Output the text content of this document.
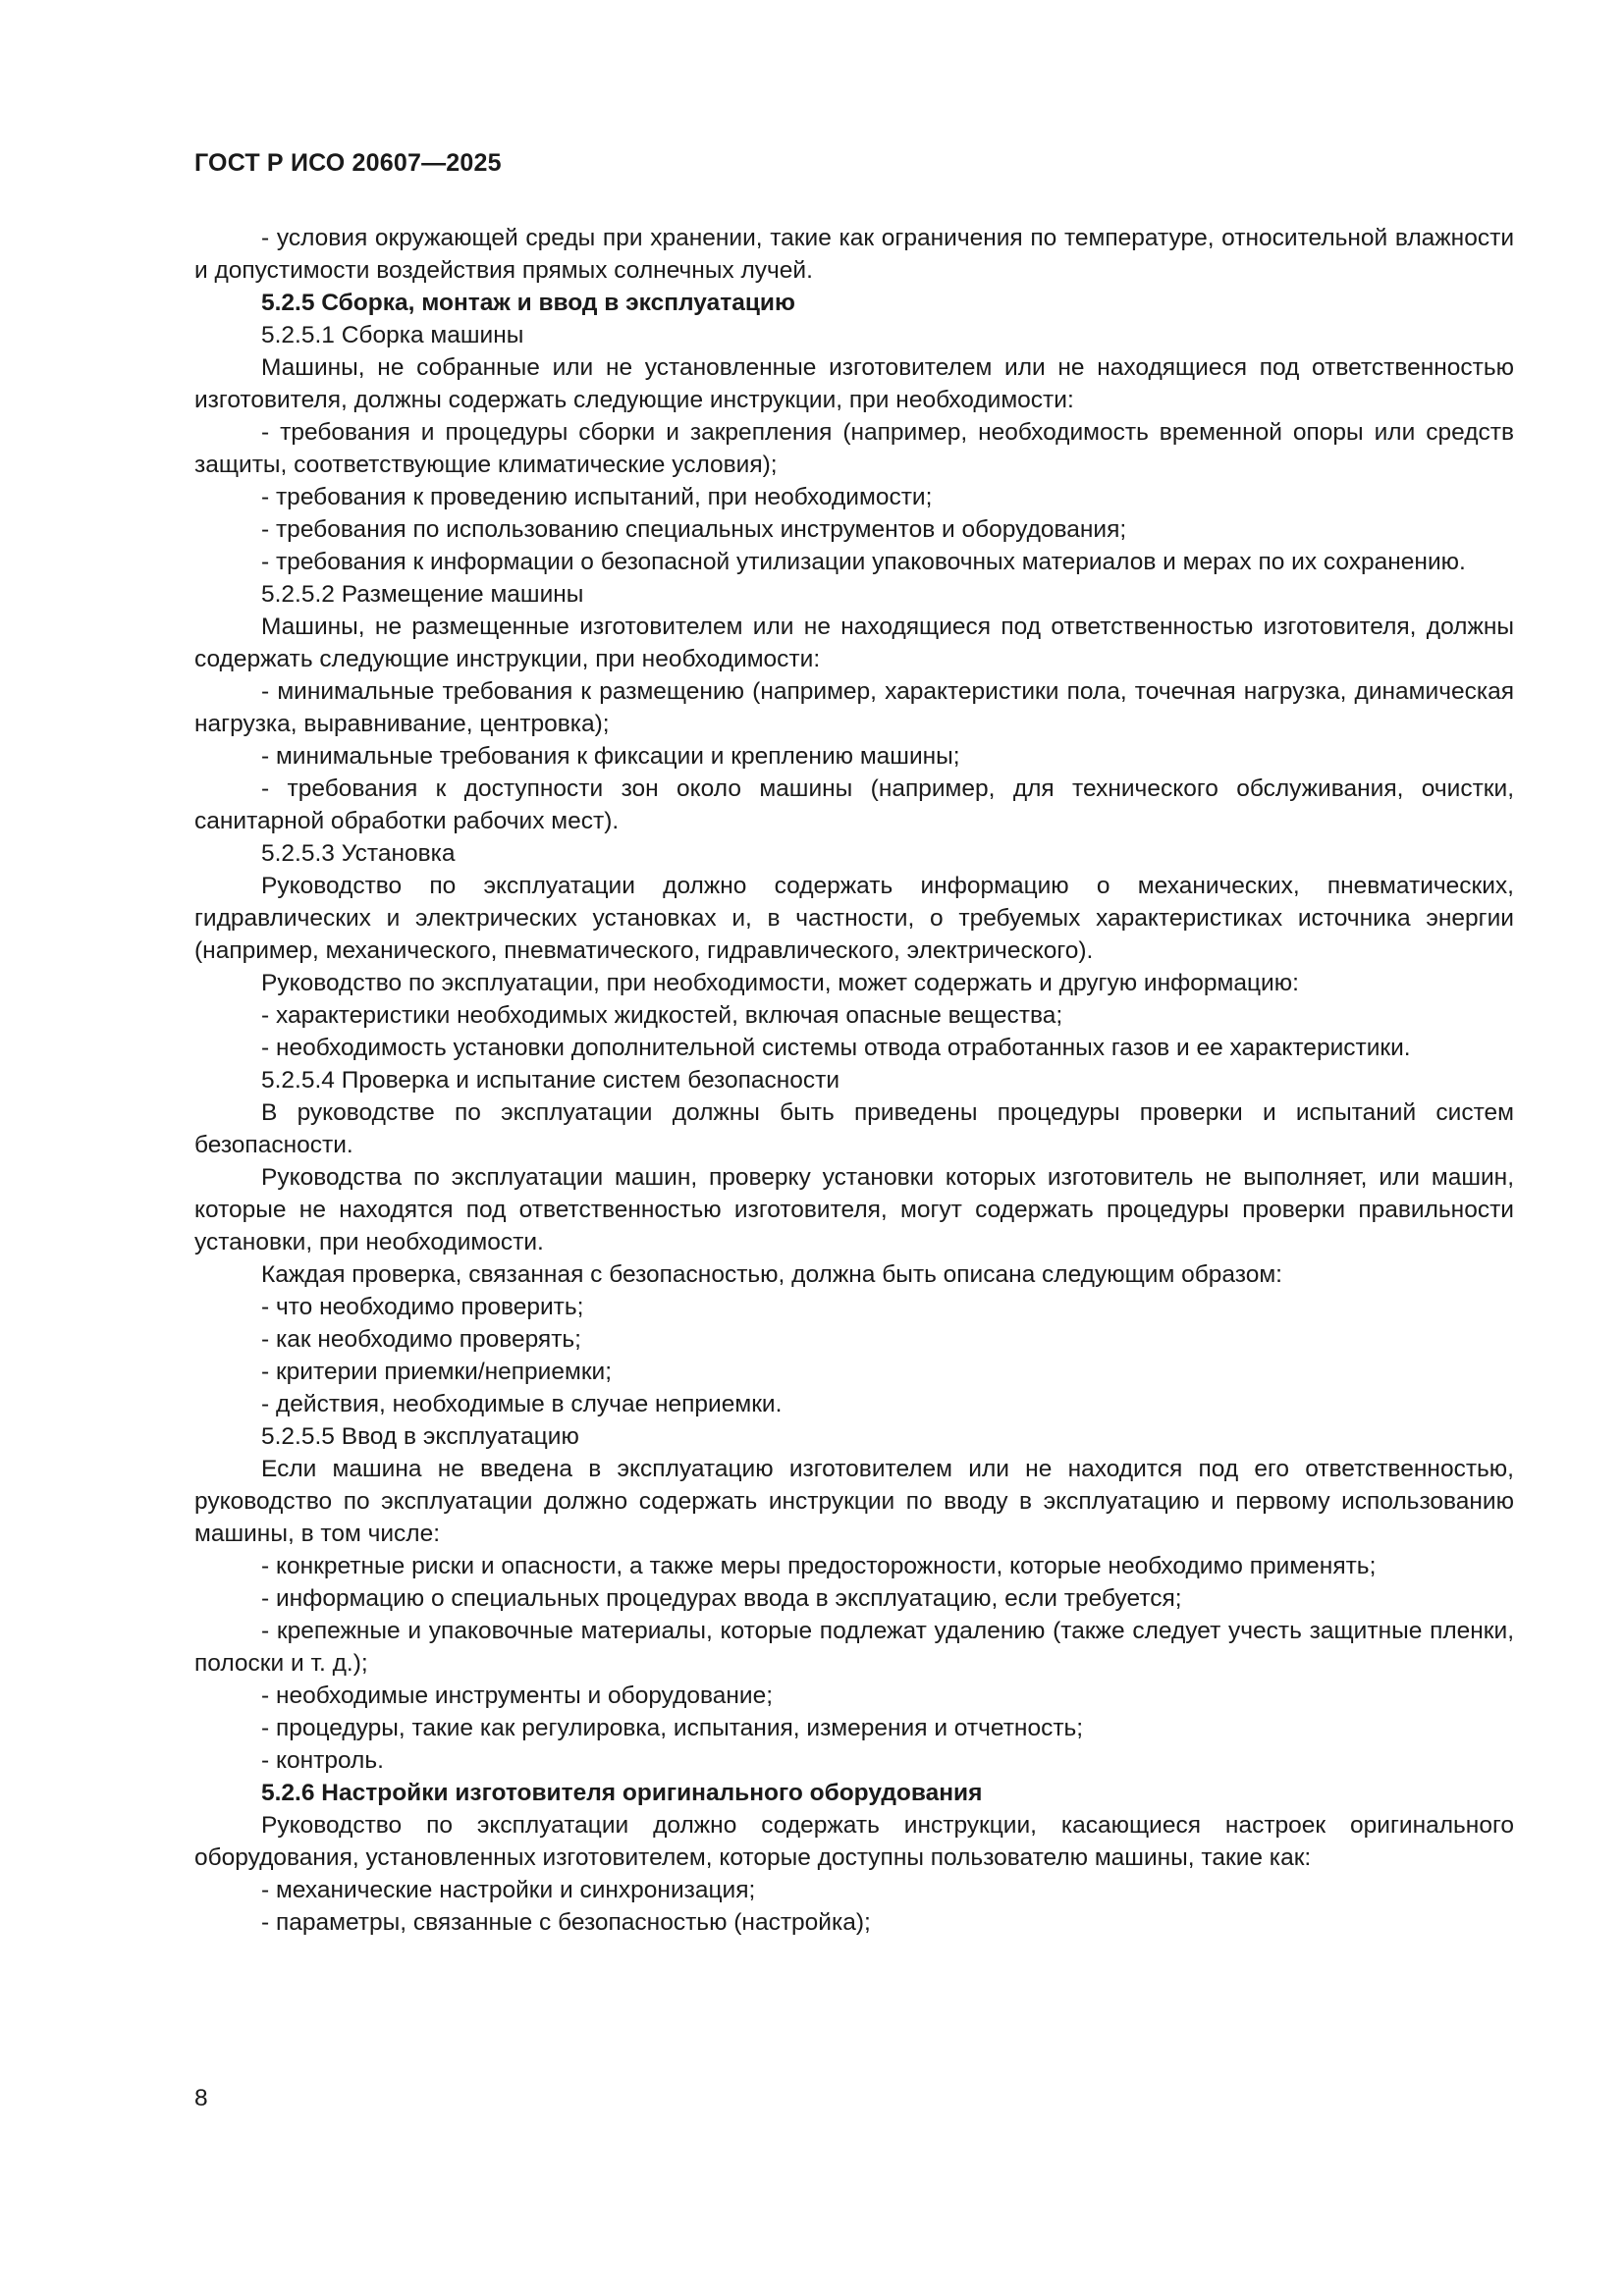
ГОСТ Р ИСО 20607—2025

- условия окружающей среды при хранении, такие как ограничения по температуре, относительной влажности и допустимости воздействия прямых солнечных лучей.

5.2.5 Сборка, монтаж и ввод в эксплуатацию

5.2.5.1 Сборка машины

Машины, не собранные или не установленные изготовителем или не находящиеся под ответственностью изготовителя, должны содержать следующие инструкции, при необходимости:

- требования и процедуры сборки и закрепления (например, необходимость временной опоры или средств защиты, соответствующие климатические условия);

- требования к проведению испытаний, при необходимости;

- требования по использованию специальных инструментов и оборудования;

- требования к информации о безопасной утилизации упаковочных материалов и мерах по их сохранению.

5.2.5.2 Размещение машины

Машины, не размещенные изготовителем или не находящиеся под ответственностью изготовителя, должны содержать следующие инструкции, при необходимости:

- минимальные требования к размещению (например, характеристики пола, точечная нагрузка, динамическая нагрузка, выравнивание, центровка);

- минимальные требования к фиксации и креплению машины;

- требования к доступности зон около машины (например, для технического обслуживания, очистки, санитарной обработки рабочих мест).

5.2.5.3 Установка

Руководство по эксплуатации должно содержать информацию о механических, пневматических, гидравлических и электрических установках и, в частности, о требуемых характеристиках источника энергии (например, механического, пневматического, гидравлического, электрического).

Руководство по эксплуатации, при необходимости, может содержать и другую информацию:

- характеристики необходимых жидкостей, включая опасные вещества;

- необходимость установки дополнительной системы отвода отработанных газов и ее характеристики.

5.2.5.4 Проверка и испытание систем безопасности

В руководстве по эксплуатации должны быть приведены процедуры проверки и испытаний систем безопасности.

Руководства по эксплуатации машин, проверку установки которых изготовитель не выполняет, или машин, которые не находятся под ответственностью изготовителя, могут содержать процедуры проверки правильности установки, при необходимости.

Каждая проверка, связанная с безопасностью, должна быть описана следующим образом:

- что необходимо проверить;

- как необходимо проверять;

- критерии приемки/неприемки;

- действия, необходимые в случае неприемки.

5.2.5.5 Ввод в эксплуатацию

Если машина не введена в эксплуатацию изготовителем или не находится под его ответственностью, руководство по эксплуатации должно содержать инструкции по вводу в эксплуатацию и первому использованию машины, в том числе:

- конкретные риски и опасности, а также меры предосторожности, которые необходимо применять;

- информацию о специальных процедурах ввода в эксплуатацию, если требуется;

- крепежные и упаковочные материалы, которые подлежат удалению (также следует учесть защитные пленки, полоски и т. д.);

- необходимые инструменты и оборудование;

- процедуры, такие как регулировка, испытания, измерения и отчетность;

- контроль.

5.2.6 Настройки изготовителя оригинального оборудования

Руководство по эксплуатации должно содержать инструкции, касающиеся настроек оригинального оборудования, установленных изготовителем, которые доступны пользователю машины, такие как:

- механические настройки и синхронизация;

- параметры, связанные с безопасностью (настройка);

8
